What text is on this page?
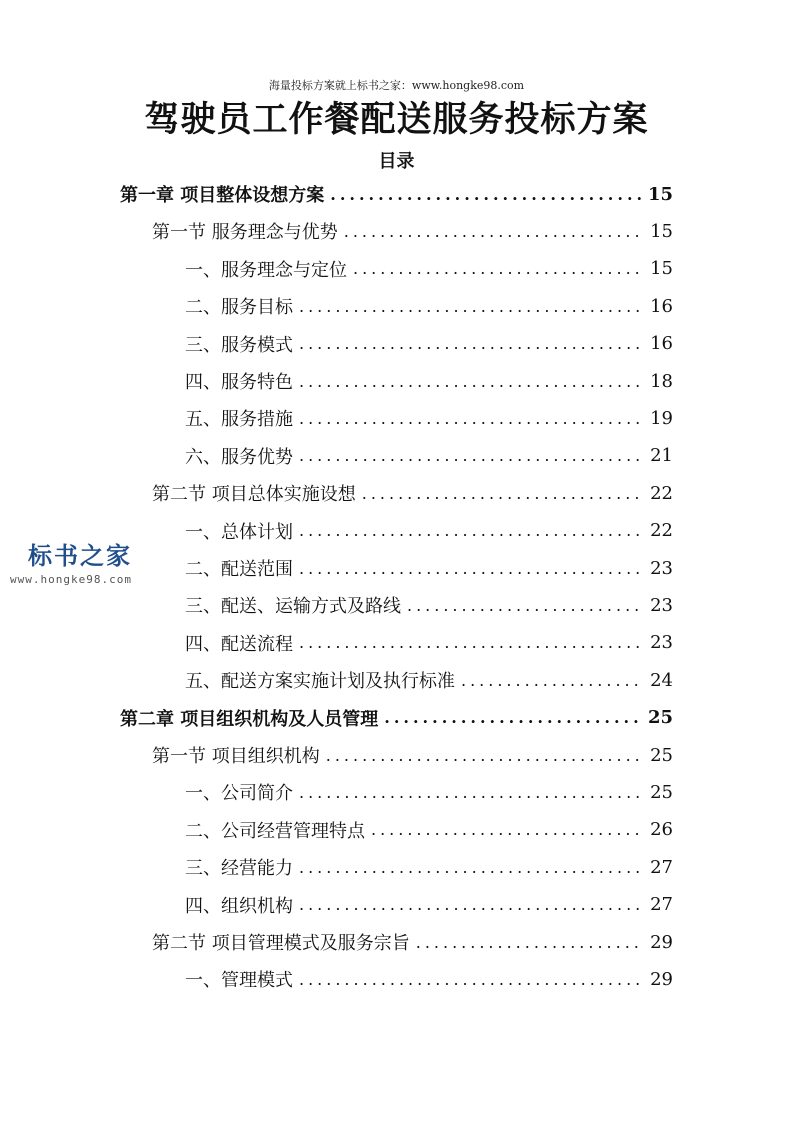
海量投标方案就上标书之家：www.hongke98.com
驾驶员工作餐配送服务投标方案
目录
第一章 项目整体设想方案 .....	15
第一节 服务理念与优势 .....	15
一、服务理念与定位 .....	15
二、服务目标 .....	16
三、服务模式 .....	16
四、服务特色 .....	18
五、服务措施 .....	19
六、服务优势 .....	21
第二节 项目总体实施设想 .....	22
一、总体计划 .....	22
二、配送范围 .....	23
三、配送、运输方式及路线 .....	23
四、配送流程 .....	23
五、配送方案实施计划及执行标准 .....	24
第二章 项目组织机构及人员管理 .....	25
第一节 项目组织机构 .....	25
一、公司简介 .....	25
二、公司经营管理特点 .....	26
三、经营能力 .....	27
四、组织机构 .....	27
第二节 项目管理模式及服务宗旨 .....	29
一、管理模式 .....	29
标书之家
www.hongke98.com
